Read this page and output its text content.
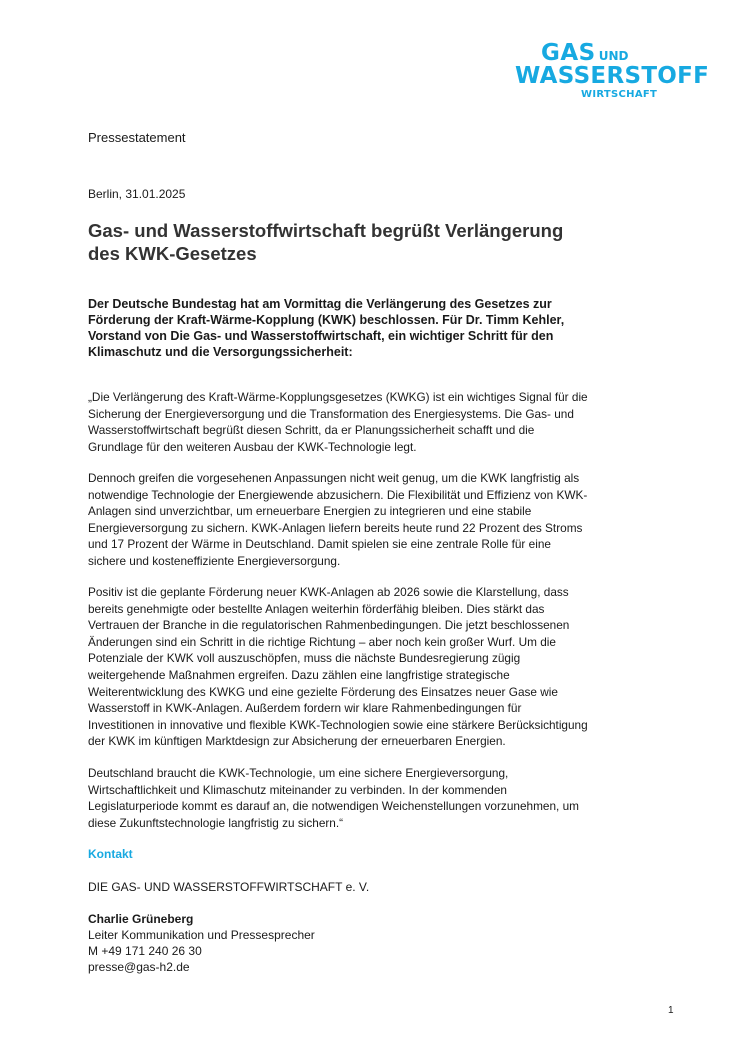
GAS UND
WASSERSTOFF
WIRTSCHAFT
Pressestatement
Berlin, 31.01.2025
Gas- und Wasserstoffwirtschaft begrüßt Verlängerung des KWK-Gesetzes
Der Deutsche Bundestag hat am Vormittag die Verlängerung des Gesetzes zur Förderung der Kraft-Wärme-Kopplung (KWK) beschlossen. Für Dr. Timm Kehler, Vorstand von Die Gas- und Wasserstoffwirtschaft, ein wichtiger Schritt für den Klimaschutz und die Versorgungssicherheit:
„Die Verlängerung des Kraft-Wärme-Kopplungsgesetzes (KWKG) ist ein wichtiges Signal für die Sicherung der Energieversorgung und die Transformation des Energiesystems. Die Gas- und Wasserstoffwirtschaft begrüßt diesen Schritt, da er Planungssicherheit schafft und die Grundlage für den weiteren Ausbau der KWK-Technologie legt.
Dennoch greifen die vorgesehenen Anpassungen nicht weit genug, um die KWK langfristig als notwendige Technologie der Energiewende abzusichern. Die Flexibilität und Effizienz von KWK-Anlagen sind unverzichtbar, um erneuerbare Energien zu integrieren und eine stabile Energieversorgung zu sichern. KWK-Anlagen liefern bereits heute rund 22 Prozent des Stroms und 17 Prozent der Wärme in Deutschland. Damit spielen sie eine zentrale Rolle für eine sichere und kosteneffiziente Energieversorgung.
Positiv ist die geplante Förderung neuer KWK-Anlagen ab 2026 sowie die Klarstellung, dass bereits genehmigte oder bestellte Anlagen weiterhin förderfähig bleiben. Dies stärkt das Vertrauen der Branche in die regulatorischen Rahmenbedingungen. Die jetzt beschlossenen Änderungen sind ein Schritt in die richtige Richtung – aber noch kein großer Wurf. Um die Potenziale der KWK voll auszuschöpfen, muss die nächste Bundesregierung zügig weitergehende Maßnahmen ergreifen. Dazu zählen eine langfristige strategische Weiterentwicklung des KWKG und eine gezielte Förderung des Einsatzes neuer Gase wie Wasserstoff in KWK-Anlagen. Außerdem fordern wir klare Rahmenbedingungen für Investitionen in innovative und flexible KWK-Technologien sowie eine stärkere Berücksichtigung der KWK im künftigen Marktdesign zur Absicherung der erneuerbaren Energien.
Deutschland braucht die KWK-Technologie, um eine sichere Energieversorgung, Wirtschaftlichkeit und Klimaschutz miteinander zu verbinden. In der kommenden Legislaturperiode kommt es darauf an, die notwendigen Weichenstellungen vorzunehmen, um diese Zukunftstechnologie langfristig zu sichern.“
Kontakt
DIE GAS- UND WASSERSTOFFWIRTSCHAFT e. V.
Charlie Grüneberg
Leiter Kommunikation und Pressesprecher
M +49 171 240 26 30
presse@gas-h2.de
1
